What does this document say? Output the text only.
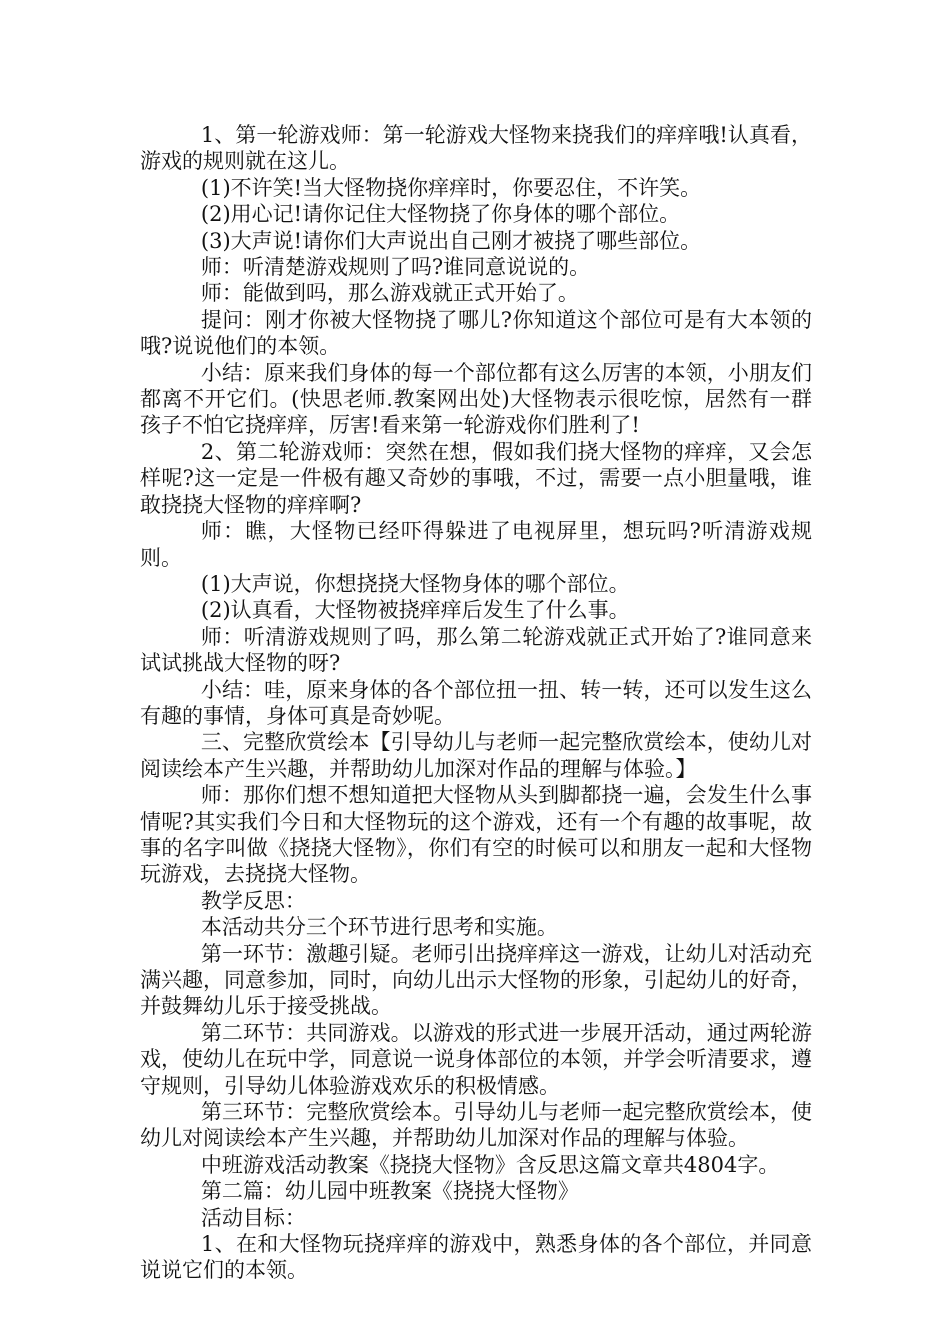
1、第一轮游戏师：第一轮游戏大怪物来挠我们的痒痒哦!认真看，游戏的规则就在这儿。

(1)不许笑!当大怪物挠你痒痒时，你要忍住，不许笑。

(2)用心记!请你记住大怪物挠了你身体的哪个部位。

(3)大声说!请你们大声说出自己刚才被挠了哪些部位。

师：听清楚游戏规则了吗?谁同意说说的。

师：能做到吗，那么游戏就正式开始了。

提问：刚才你被大怪物挠了哪儿?你知道这个部位可是有大本领的哦?说说他们的本领。

小结：原来我们身体的每一个部位都有这么厉害的本领，小朋友们都离不开它们。(快思老师.教案网出处)大怪物表示很吃惊，居然有一群孩子不怕它挠痒痒，厉害!看来第一轮游戏你们胜利了!

2、第二轮游戏师：突然在想，假如我们挠大怪物的痒痒，又会怎样呢?这一定是一件极有趣又奇妙的事哦，不过，需要一点小胆量哦，谁敢挠挠大怪物的痒痒啊?

师：瞧，大怪物已经吓得躲进了电视屏里，想玩吗?听清游戏规则。

(1)大声说，你想挠挠大怪物身体的哪个部位。

(2)认真看，大怪物被挠痒痒后发生了什么事。

师：听清游戏规则了吗，那么第二轮游戏就正式开始了?谁同意来试试挑战大怪物的呀?

小结：哇，原来身体的各个部位扭一扭、转一转，还可以发生这么有趣的事情，身体可真是奇妙呢。

三、完整欣赏绘本【引导幼儿与老师一起完整欣赏绘本，使幼儿对阅读绘本产生兴趣，并帮助幼儿加深对作品的理解与体验。】

师：那你们想不想知道把大怪物从头到脚都挠一遍，会发生什么事情呢?其实我们今日和大怪物玩的这个游戏，还有一个有趣的故事呢，故事的名字叫做《挠挠大怪物》，你们有空的时候可以和朋友一起和大怪物玩游戏，去挠挠大怪物。

教学反思：

本活动共分三个环节进行思考和实施。

第一环节：激趣引疑。老师引出挠痒痒这一游戏，让幼儿对活动充满兴趣，同意参加，同时，向幼儿出示大怪物的形象，引起幼儿的好奇，并鼓舞幼儿乐于接受挑战。

第二环节：共同游戏。以游戏的形式进一步展开活动，通过两轮游戏，使幼儿在玩中学，同意说一说身体部位的本领，并学会听清要求，遵守规则，引导幼儿体验游戏欢乐的积极情感。

第三环节：完整欣赏绘本。引导幼儿与老师一起完整欣赏绘本，使幼儿对阅读绘本产生兴趣，并帮助幼儿加深对作品的理解与体验。

中班游戏活动教案《挠挠大怪物》含反思这篇文章共4804字。

第二篇：幼儿园中班教案《挠挠大怪物》

活动目标：

1、在和大怪物玩挠痒痒的游戏中，熟悉身体的各个部位，并同意说说它们的本领。
